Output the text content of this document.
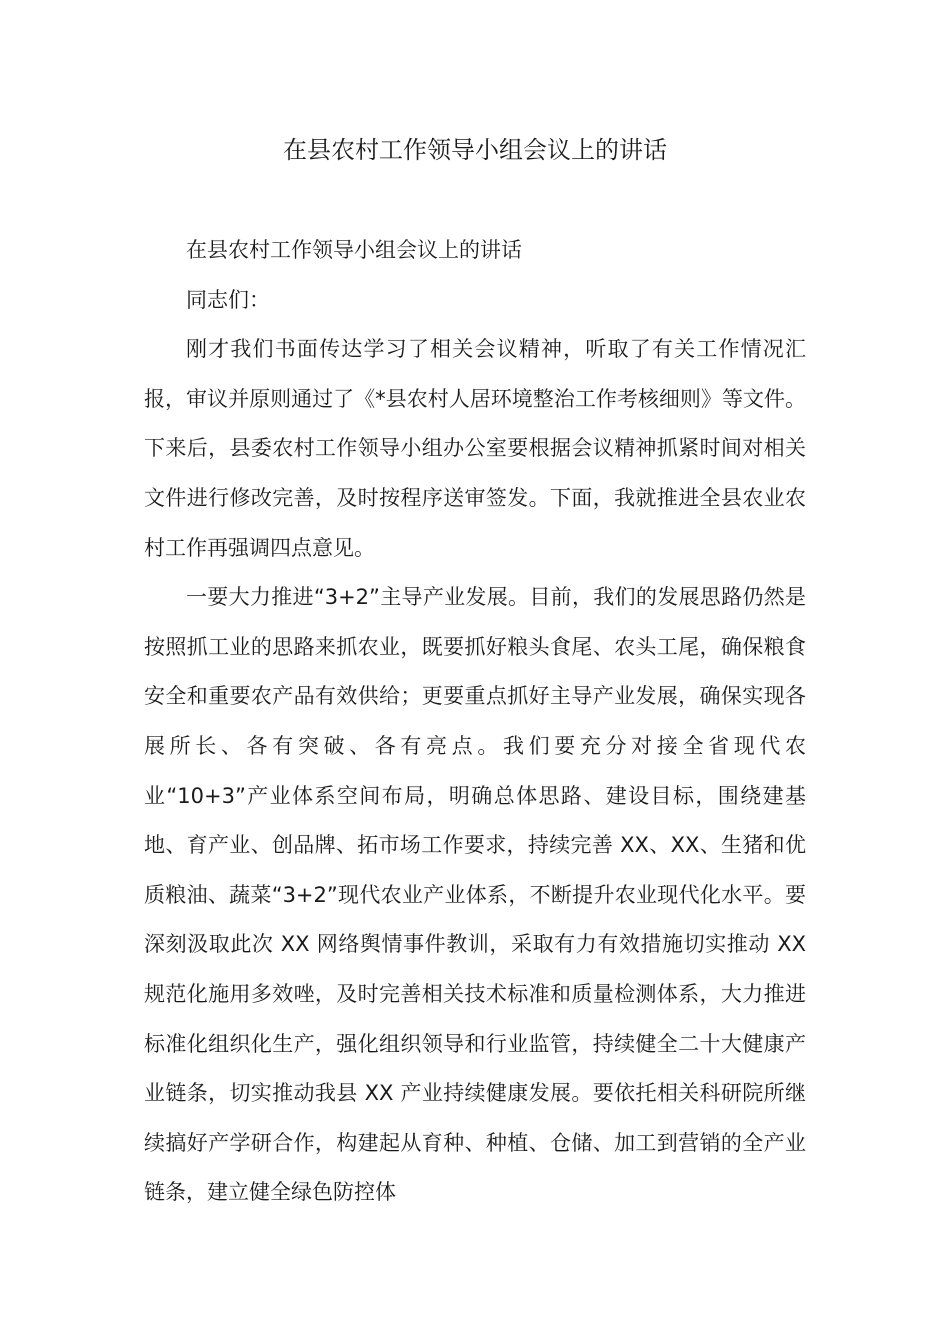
在县农村工作领导小组会议上的讲话

在县农村工作领导小组会议上的讲话

同志们：

刚才我们书面传达学习了相关会议精神，听取了有关工作情况汇报，审议并原则通过了《*县农村人居环境整治工作考核细则》等文件。下来后，县委农村工作领导小组办公室要根据会议精神抓紧时间对相关文件进行修改完善，及时按程序送审签发。下面，我就推进全县农业农村工作再强调四点意见。

一要大力推进“3+2”主导产业发展。目前，我们的发展思路仍然是按照抓工业的思路来抓农业，既要抓好粮头食尾、农头工尾，确保粮食安全和重要农产品有效供给；更要重点抓好主导产业发展，确保实现各展所长、各有突破、各有亮点。我们要充分对接全省现代农业“10+3”产业体系空间布局，明确总体思路、建设目标，围绕建基地、育产业、创品牌、拓市场工作要求，持续完善 XX、XX、生猪和优质粮油、蔬菜“3+2”现代农业产业体系，不断提升农业现代化水平。要深刻汲取此次 XX 网络舆情事件教训，采取有力有效措施切实推动 XX 规范化施用多效唑，及时完善相关技术标准和质量检测体系，大力推进标准化组织化生产，强化组织领导和行业监管，持续健全二十大健康产业链条，切实推动我县 XX 产业持续健康发展。要依托相关科研院所继续搞好产学研合作，构建起从育种、种植、仓储、加工到营销的全产业链条，建立健全绿色防控体
